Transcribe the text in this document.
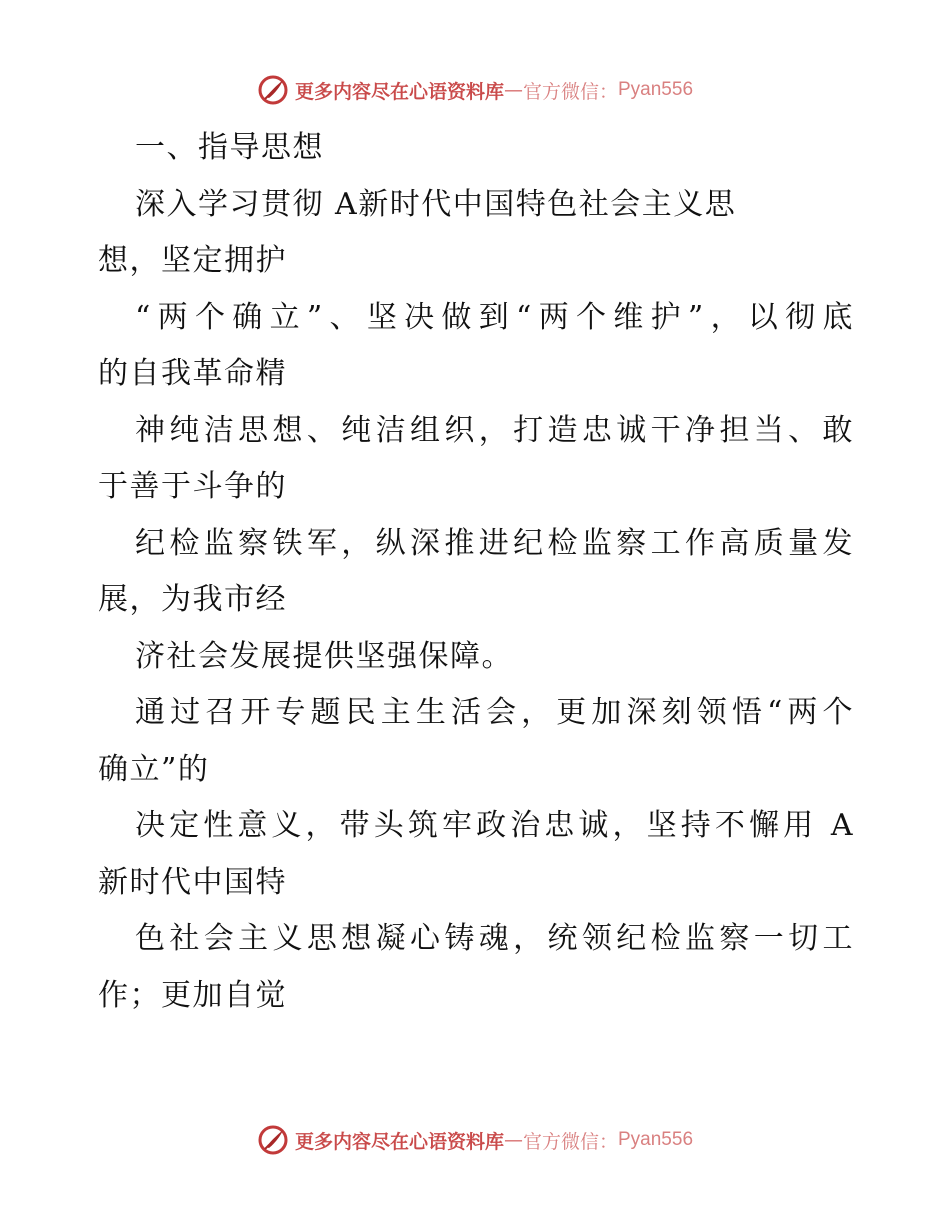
更多内容尽在心语资料库 — 官方微信： Pyan556
一、指导思想
深入学习贯彻 A新时代中国特色社会主义思
想，坚定拥护
“两个确立”、坚决做到“两个维护”，以彻底
的自我革命精
神纯洁思想、纯洁组织，打造忠诚干净担当、敢
于善于斗争的
纪检监察铁军，纵深推进纪检监察工作高质量发
展，为我市经
济社会发展提供坚强保障。
通过召开专题民主生活会，更加深刻领悟“两个
确立”的
决定性意义，带头筑牢政治忠诚，坚持不懈用 A
新时代中国特
色社会主义思想凝心铸魂，统领纪检监察一切工
作；更加自觉
更多内容尽在心语资料库 — 官方微信： Pyan556
